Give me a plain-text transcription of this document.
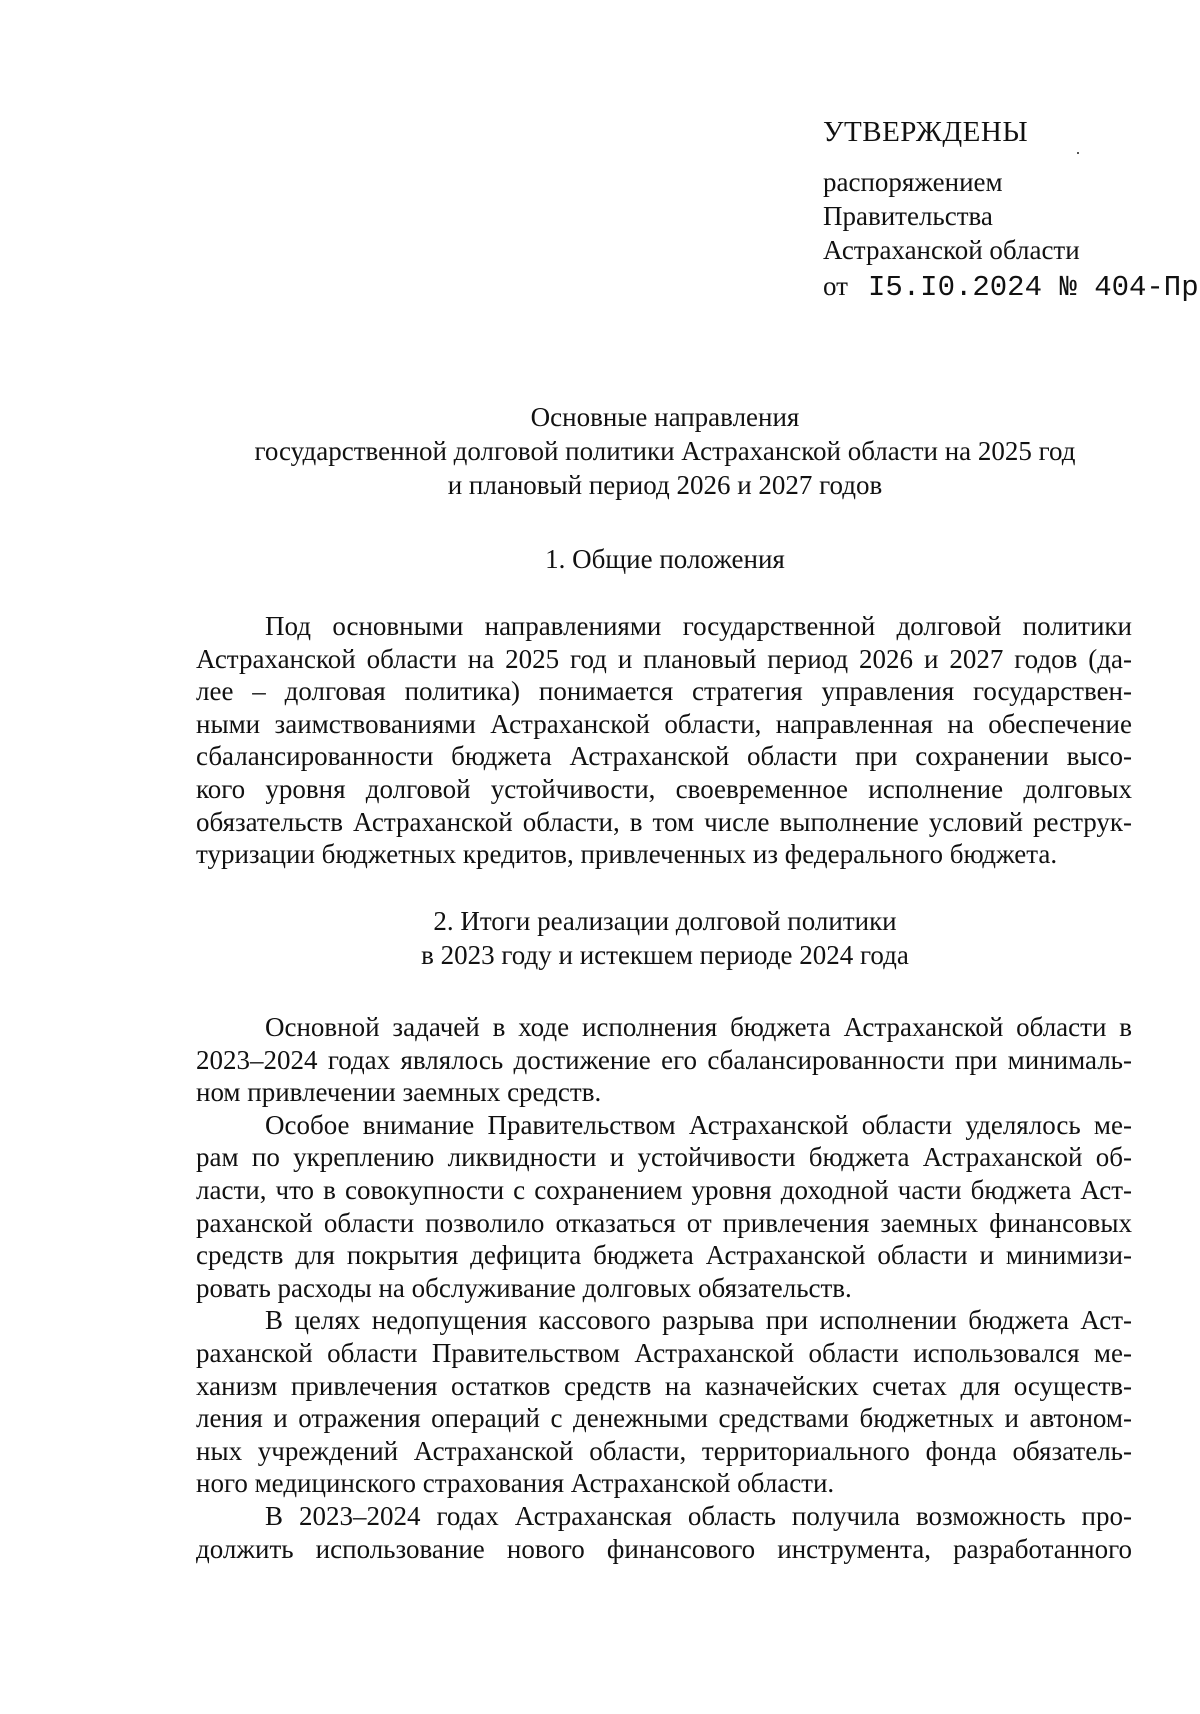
УТВЕРЖДЕНЫ
распоряжением
Правительства
Астраханской области
от I5.I0.2024 № 404-Пр
Основные направления
государственной долговой политики Астраханской области на 2025 год
и плановый период 2026 и 2027 годов
1. Общие положения
Под основными направлениями государственной долговой политики
Астраханской области на 2025 год и плановый период 2026 и 2027 годов (да-
лее – долговая политика) понимается стратегия управления государствен-
ными заимствованиями Астраханской области, направленная на обеспечение
сбалансированности бюджета Астраханской области при сохранении высо-
кого уровня долговой устойчивости, своевременное исполнение долговых
обязательств Астраханской области, в том числе выполнение условий реструк-
туризации бюджетных кредитов, привлеченных из федерального бюджета.
2. Итоги реализации долговой политики
в 2023 году и истекшем периоде 2024 года
Основной задачей в ходе исполнения бюджета Астраханской области в
2023–2024 годах являлось достижение его сбалансированности при минималь-
ном привлечении заемных средств.
Особое внимание Правительством Астраханской области уделялось ме-
рам по укреплению ликвидности и устойчивости бюджета Астраханской об-
ласти, что в совокупности с сохранением уровня доходной части бюджета Аст-
раханской области позволило отказаться от привлечения заемных финансовых
средств для покрытия дефицита бюджета Астраханской области и минимизи-
ровать расходы на обслуживание долговых обязательств.
В целях недопущения кассового разрыва при исполнении бюджета Аст-
раханской области Правительством Астраханской области использовался ме-
ханизм привлечения остатков средств на казначейских счетах для осуществ-
ления и отражения операций с денежными средствами бюджетных и автоном-
ных учреждений Астраханской области, территориального фонда обязатель-
ного медицинского страхования Астраханской области.
В 2023–2024 годах Астраханская область получила возможность про-
должить использование нового финансового инструмента, разработанного
